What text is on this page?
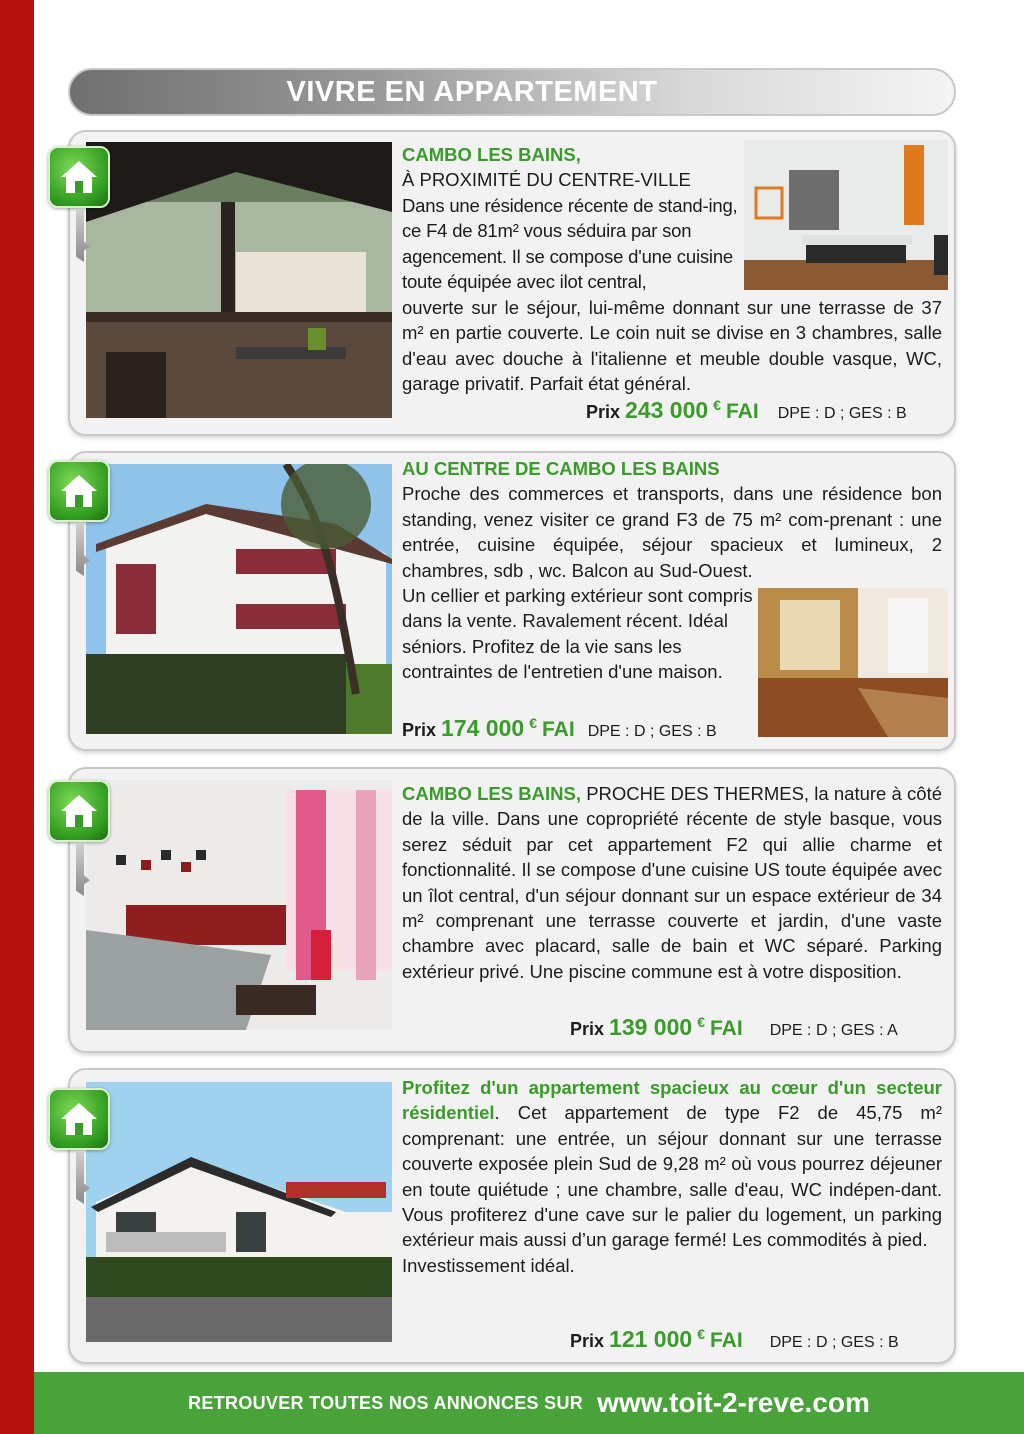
VIVRE EN APPARTEMENT
CAMBO LES BAINS,
À PROXIMITÉ DU CENTRE-VILLE
Dans une résidence récente de stand-ing, ce F4 de 81m² vous séduira par son agencement. Il se compose d'une cuisine toute équipée avec ilot central,
ouverte sur le séjour, lui-même donnant sur une terrasse de 37 m² en partie couverte. Le coin nuit se divise en 3 chambres, salle d'eau avec douche à l'italienne et meuble double vasque, WC, garage privatif. Parfait état général.
Prix 243 000 € FAI DPE : D ; GES : B
AU CENTRE DE CAMBO LES BAINS
Proche des commerces et transports, dans une résidence bon standing, venez visiter ce grand F3 de 75 m² com-prenant : une entrée, cuisine équipée, séjour spacieux et lumineux, 2 chambres, sdb , wc. Balcon au Sud-Ouest.
Un cellier et parking extérieur sont compris dans la vente. Ravalement récent. Idéal séniors. Profitez de la vie sans les contraintes de l'entretien d'une maison.
Prix 174 000 € FAI DPE : D ; GES : B
CAMBO LES BAINS, PROCHE DES THERMES, la nature à côté de la ville. Dans une copropriété récente de style basque, vous serez séduit par cet appartement F2 qui allie charme et fonctionnalité. Il se compose d'une cuisine US toute équipée avec un îlot central, d'un séjour donnant sur un espace extérieur de 34 m² comprenant une terrasse couverte et jardin, d'une vaste chambre avec placard, salle de bain et WC séparé. Parking extérieur privé. Une piscine commune est à votre disposition.
Prix 139 000 € FAI DPE : D ; GES : A
Profitez d'un appartement spacieux au cœur d'un secteur résidentiel. Cet appartement de type F2 de 45,75 m² comprenant: une entrée, un séjour donnant sur une terrasse couverte exposée plein Sud de 9,28 m² où vous pourrez déjeuner en toute quiétude ; une chambre, salle d'eau, WC indépen-dant. Vous profiterez d'une cave sur le palier du logement, un parking extérieur mais aussi d’un garage fermé! Les commodités à pied.
Investissement idéal.
Prix 121 000 € FAI DPE : D ; GES : B
RETROUVER TOUTES NOS ANNONCES SUR www.toit-2-reve.com
